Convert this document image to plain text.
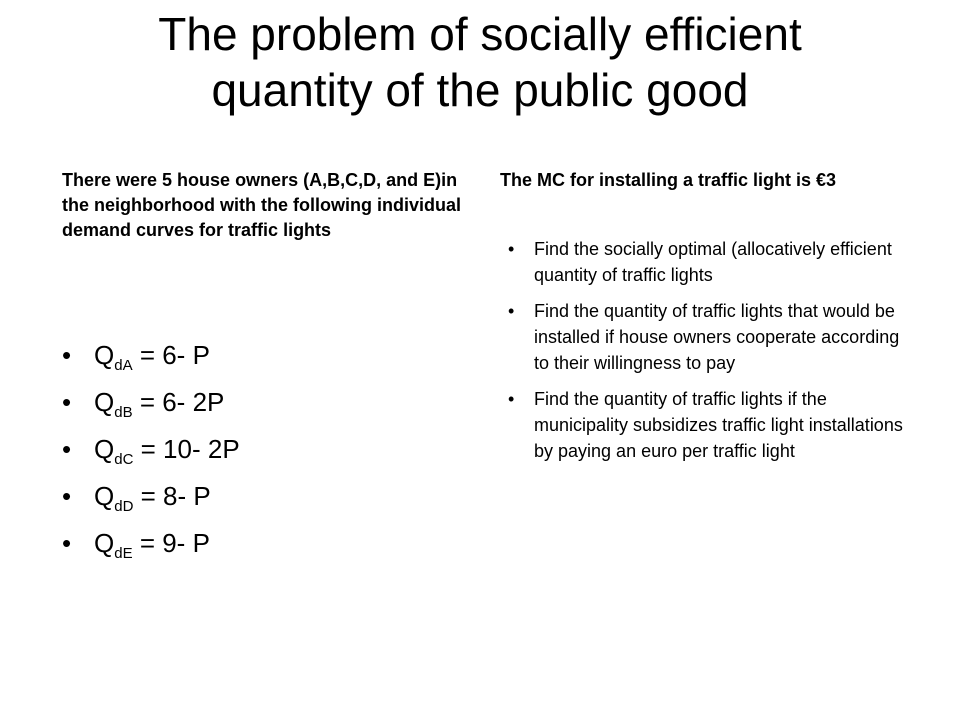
The problem of socially efficient
quantity of the public good
There were 5 house owners (A,B,C,D, and E)in the neighborhood with the following individual demand curves for traffic lights
• $Q_{dA} = 6-$ P
• $Q_{dB} = 6-$ 2P
• $Q_{dC} = 10-$ 2P
• $Q_{dD} = 8-$ P
• $Q_{dE} = 9-$ P
The MC for installing a traffic light is €3
• Find the socially optimal (allocatively efficient quantity of traffic lights
• Find the quantity of traffic lights that would be installed if house owners cooperate according to their willingness to pay
• Find the quantity of traffic lights if the municipality subsidizes traffic light installations by paying an euro per traffic light
